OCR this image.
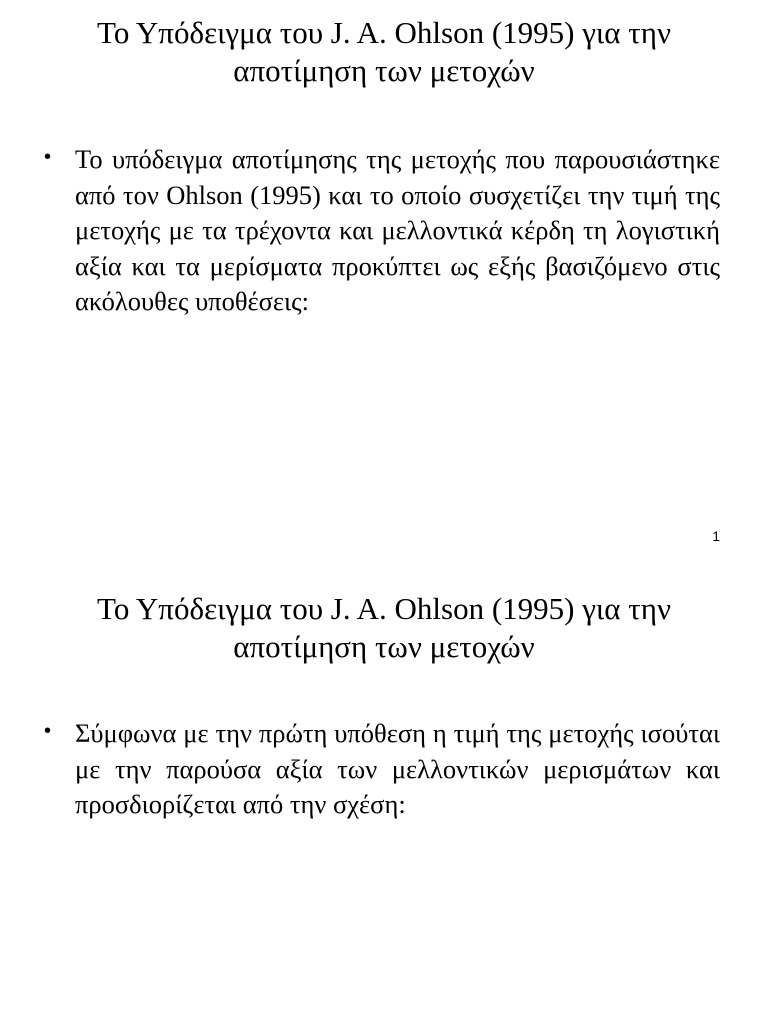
Το Υπόδειγμα του J. A. Ohlson (1995) για την
αποτίμηση των μετοχών
• Το υπόδειγμα αποτίμησης της μετοχής που παρουσιάστηκε από τον Ohlson (1995) και το οποίο συσχετίζει την τιμή της μετοχής με τα τρέχοντα και μελλοντικά κέρδη τη λογιστική αξία και τα μερίσματα προκύπτει ως εξής βασιζόμενο στις ακόλουθες υποθέσεις:
1
Το Υπόδειγμα του J. A. Ohlson (1995) για την
αποτίμηση των μετοχών
• Σύμφωνα με την πρώτη υπόθεση η τιμή της μετοχής ισούται με την παρούσα αξία των μελλοντικών μερισμάτων και προσδιορίζεται από την σχέση:
